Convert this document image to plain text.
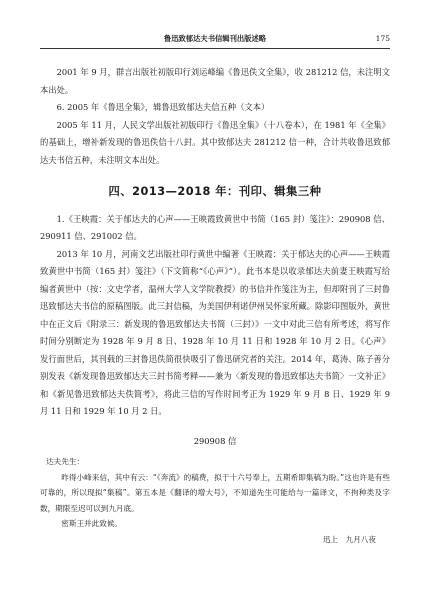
鲁迅致郁达夫书信辑刊出版述略	175

2001 年 9 月，群言出版社初版印行刘运峰编《鲁迅佚文全集》，收 281212 信，未注明文本出处。

6. 2005 年《鲁迅全集》，辑鲁迅致郁达夫信五种（文本）

2005 年 11 月，人民文学出版社初版印行《鲁迅全集》（十八卷本），在 1981 年《全集》的基础上，增补新发现的鲁迅佚信十八封。其中致郁达夫 281212 信一种，合计共收鲁迅致郁达夫书信五种，未注明文本出处。

四、2013—2018 年：刊印、辑集三种

1.《王映霞：关于郁达夫的心声——王映霞致黄世中书简（165 封）笺注》：290908 信、290911 信、291002 信。

2013 年 10 月，河南文艺出版社印行黄世中编著《王映霞：关于郁达夫的心声——王映霞致黄世中书简（165 封）笺注》（下文简称“《心声》”）。此书本是以收录郁达夫前妻王映霞写给编者黄世中（按：文史学者，温州大学人文学院教授）的书信并作笺注为主，但却附刊了三封鲁迅致郁达夫书信的原稿图版。此三封信稿，为美国伊利诺伊州吴怀家所藏。除影印图版外，黄世中在正文后《附录三：新发现的鲁迅致郁达夫书简（三封）》一文中对此三信有所考述，将写作时间分别断定为 1928 年 9 月 8 日、1928 年 10 月 11 日和 1928 年 10 月 2 日。《心声》发行面世后，其刊载的三封鲁迅佚简很快吸引了鲁迅研究者的关注。2014 年，葛涛、陈子善分别发表《新发现鲁迅致郁达夫三封书简考释——兼为〈新发现的鲁迅致郁达夫书简〉一文补正》和《新见鲁迅致郁达夫佚简考》，将此三信的写作时间考正为 1929 年 9 月 8 日、1929 年 9 月 11 日和 1929 年 10 月 2 日。

290908 信

达夫先生：

昨得小峰来信，其中有云：“《奔流》的稿费，拟于十六号奉上，五期希即集稿为盼。”这也许是有些可靠的，所以现拟“集稿”。第五本是《翻译的增大号》，不知道先生可能给与一篇译文，不拘种类及字数，期限至迟可以到九月底。

密斯王并此致候。

迅上　九月八夜
